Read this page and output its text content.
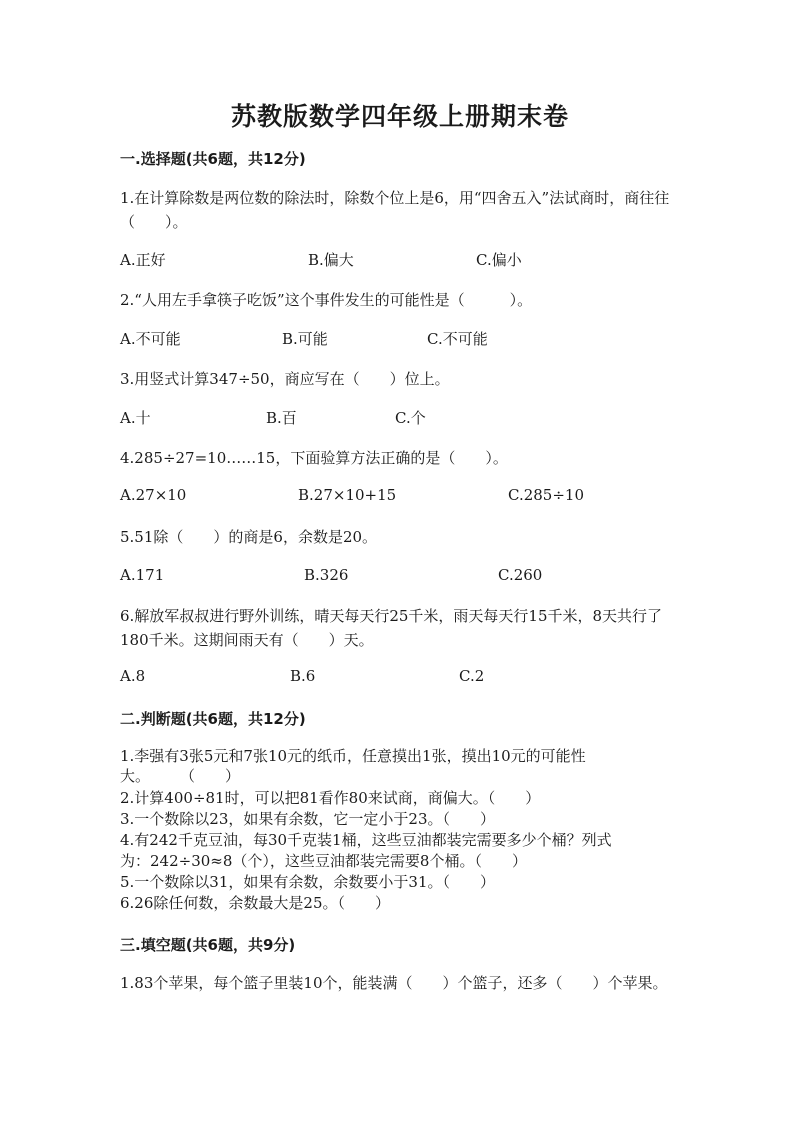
苏教版数学四年级上册期末卷
一.选择题(共6题，共12分)
1.在计算除数是两位数的除法时，除数个位上是6，用“四舍五入”法试商时，商往往（　　）。
A.正好	B.偏大	C.偏小
2.“人用左手拿筷子吃饭”这个事件发生的可能性是（　　　）。
A.不可能	B.可能	C.不可能
3.用竖式计算347÷50，商应写在（　　）位上。
A.十	B.百	C.个
4.285÷27=10……15，下面验算方法正确的是（　　）。
A.27×10	B.27×10+15	C.285÷10
5.51除（　　）的商是6，余数是20。
A.171	B.326	C.260
6.解放军叔叔进行野外训练，晴天每天行25千米，雨天每天行15千米，8天共行了180千米。这期间雨天有（　　）天。
A.8	B.6	C.2
二.判断题(共6题，共12分)
1.李强有3张5元和7张10元的纸币，任意摸出1张，摸出10元的可能性
大。　　　（　　）
2.计算400÷81时，可以把81看作80来试商，商偏大。（　　）
3.一个数除以23，如果有余数，它一定小于23。（　　）
4.有242千克豆油，每30千克装1桶，这些豆油都装完需要多少个桶？列式
为：242÷30≈8（个），这些豆油都装完需要8个桶。（　　）
5.一个数除以31，如果有余数，余数要小于31。（　　）
6.26除任何数，余数最大是25。（　　）
三.填空题(共6题，共9分)
1.83个苹果，每个篮子里装10个，能装满（　　）个篮子，还多（　　）个苹果。
